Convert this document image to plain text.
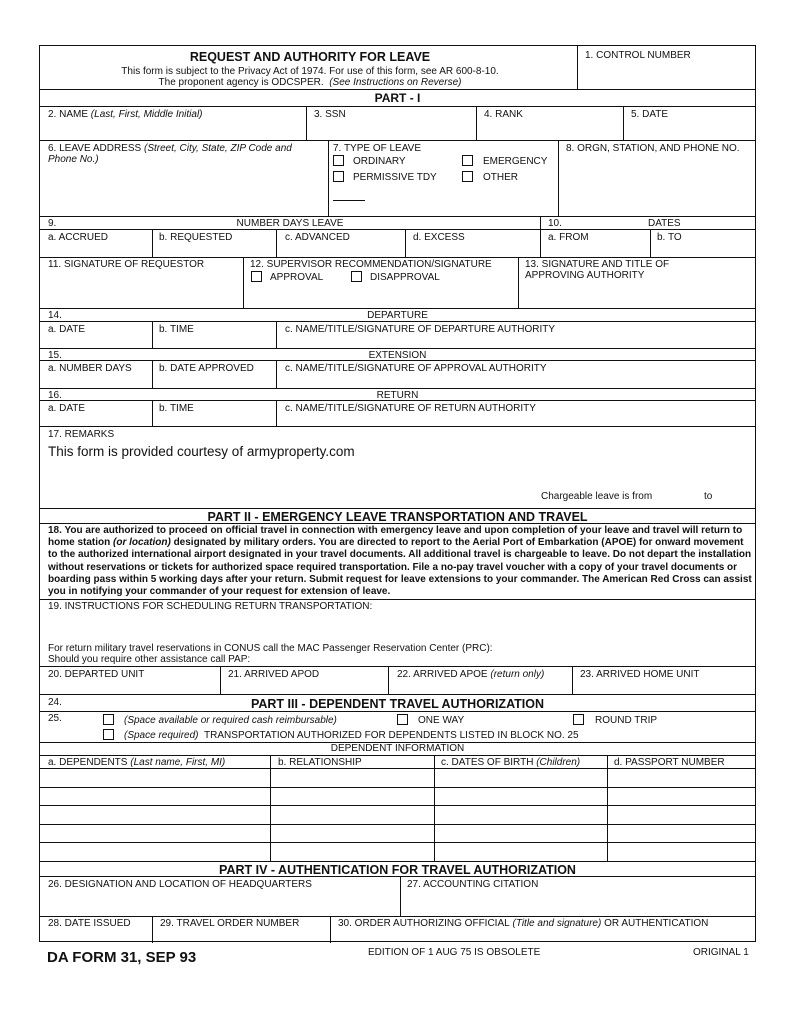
REQUEST AND AUTHORITY FOR LEAVE
This form is subject to the Privacy Act of 1974. For use of this form, see AR 600-8-10.
The proponent agency is ODCSPER. (See Instructions on Reverse)
1. CONTROL NUMBER
PART - I
2. NAME (Last, First, Middle Initial)	3. SSN	4. RANK	5. DATE
6. LEAVE ADDRESS (Street, City, State, ZIP Code and
Phone No.)
7. TYPE OF LEAVE
ORDINARY	EMERGENCY
PERMISSIVE TDY	OTHER
8. ORGN, STATION, AND PHONE NO.
9.	NUMBER DAYS LEAVE	10.	DATES
a. ACCRUED	b. REQUESTED	c. ADVANCED	d. EXCESS	a. FROM	b. TO
11. SIGNATURE OF REQUESTOR	12. SUPERVISOR RECOMMENDATION/SIGNATURE
APPROVAL	DISAPPROVAL
13. SIGNATURE AND TITLE OF
APPROVING AUTHORITY
14.	DEPARTURE
a. DATE	b. TIME	c. NAME/TITLE/SIGNATURE OF DEPARTURE AUTHORITY
15.	EXTENSION
a. NUMBER DAYS	b. DATE APPROVED	c. NAME/TITLE/SIGNATURE OF APPROVAL AUTHORITY
16.	RETURN
a. DATE	b. TIME	c. NAME/TITLE/SIGNATURE OF RETURN AUTHORITY
17. REMARKS
This form is provided courtesy of armyproperty.com
Chargeable leave is from	to
PART II - EMERGENCY LEAVE TRANSPORTATION AND TRAVEL
18. You are authorized to proceed on official travel in connection with emergency leave and upon completion of your leave and travel will return to home station (or location) designated by military orders. You are directed to report to the Aerial Port of Embarkation (APOE) for onward movement to the authorized international airport designated in your travel documents. All additional travel is chargeable to leave. Do not depart the installation without reservations or tickets for authorized space required transportation. File a no-pay travel voucher with a copy of your travel documents or boarding pass within 5 working days after your return. Submit request for leave extensions to your commander. The American Red Cross can assist you in notifying your commander of your request for extension of leave.
19. INSTRUCTIONS FOR SCHEDULING RETURN TRANSPORTATION:
For return military travel reservations in CONUS call the MAC Passenger Reservation Center (PRC):
Should you require other assistance call PAP:
20. DEPARTED UNIT	21. ARRIVED APOD	22. ARRIVED APOE (return only)	23. ARRIVED HOME UNIT
24.	PART III - DEPENDENT TRAVEL AUTHORIZATION
25.	(Space available or required cash reimbursable)	ONE WAY	ROUND TRIP
(Space required) TRANSPORTATION AUTHORIZED FOR DEPENDENTS LISTED IN BLOCK NO. 25
DEPENDENT INFORMATION
a. DEPENDENTS (Last name, First, MI)	b. RELATIONSHIP	c. DATES OF BIRTH (Children)	d. PASSPORT NUMBER
PART IV - AUTHENTICATION FOR TRAVEL AUTHORIZATION
26. DESIGNATION AND LOCATION OF HEADQUARTERS	27. ACCOUNTING CITATION
28. DATE ISSUED	29. TRAVEL ORDER NUMBER	30. ORDER AUTHORIZING OFFICIAL (Title and signature) OR AUTHENTICATION
DA FORM 31, SEP 93	EDITION OF 1 AUG 75 IS OBSOLETE	ORIGINAL 1
